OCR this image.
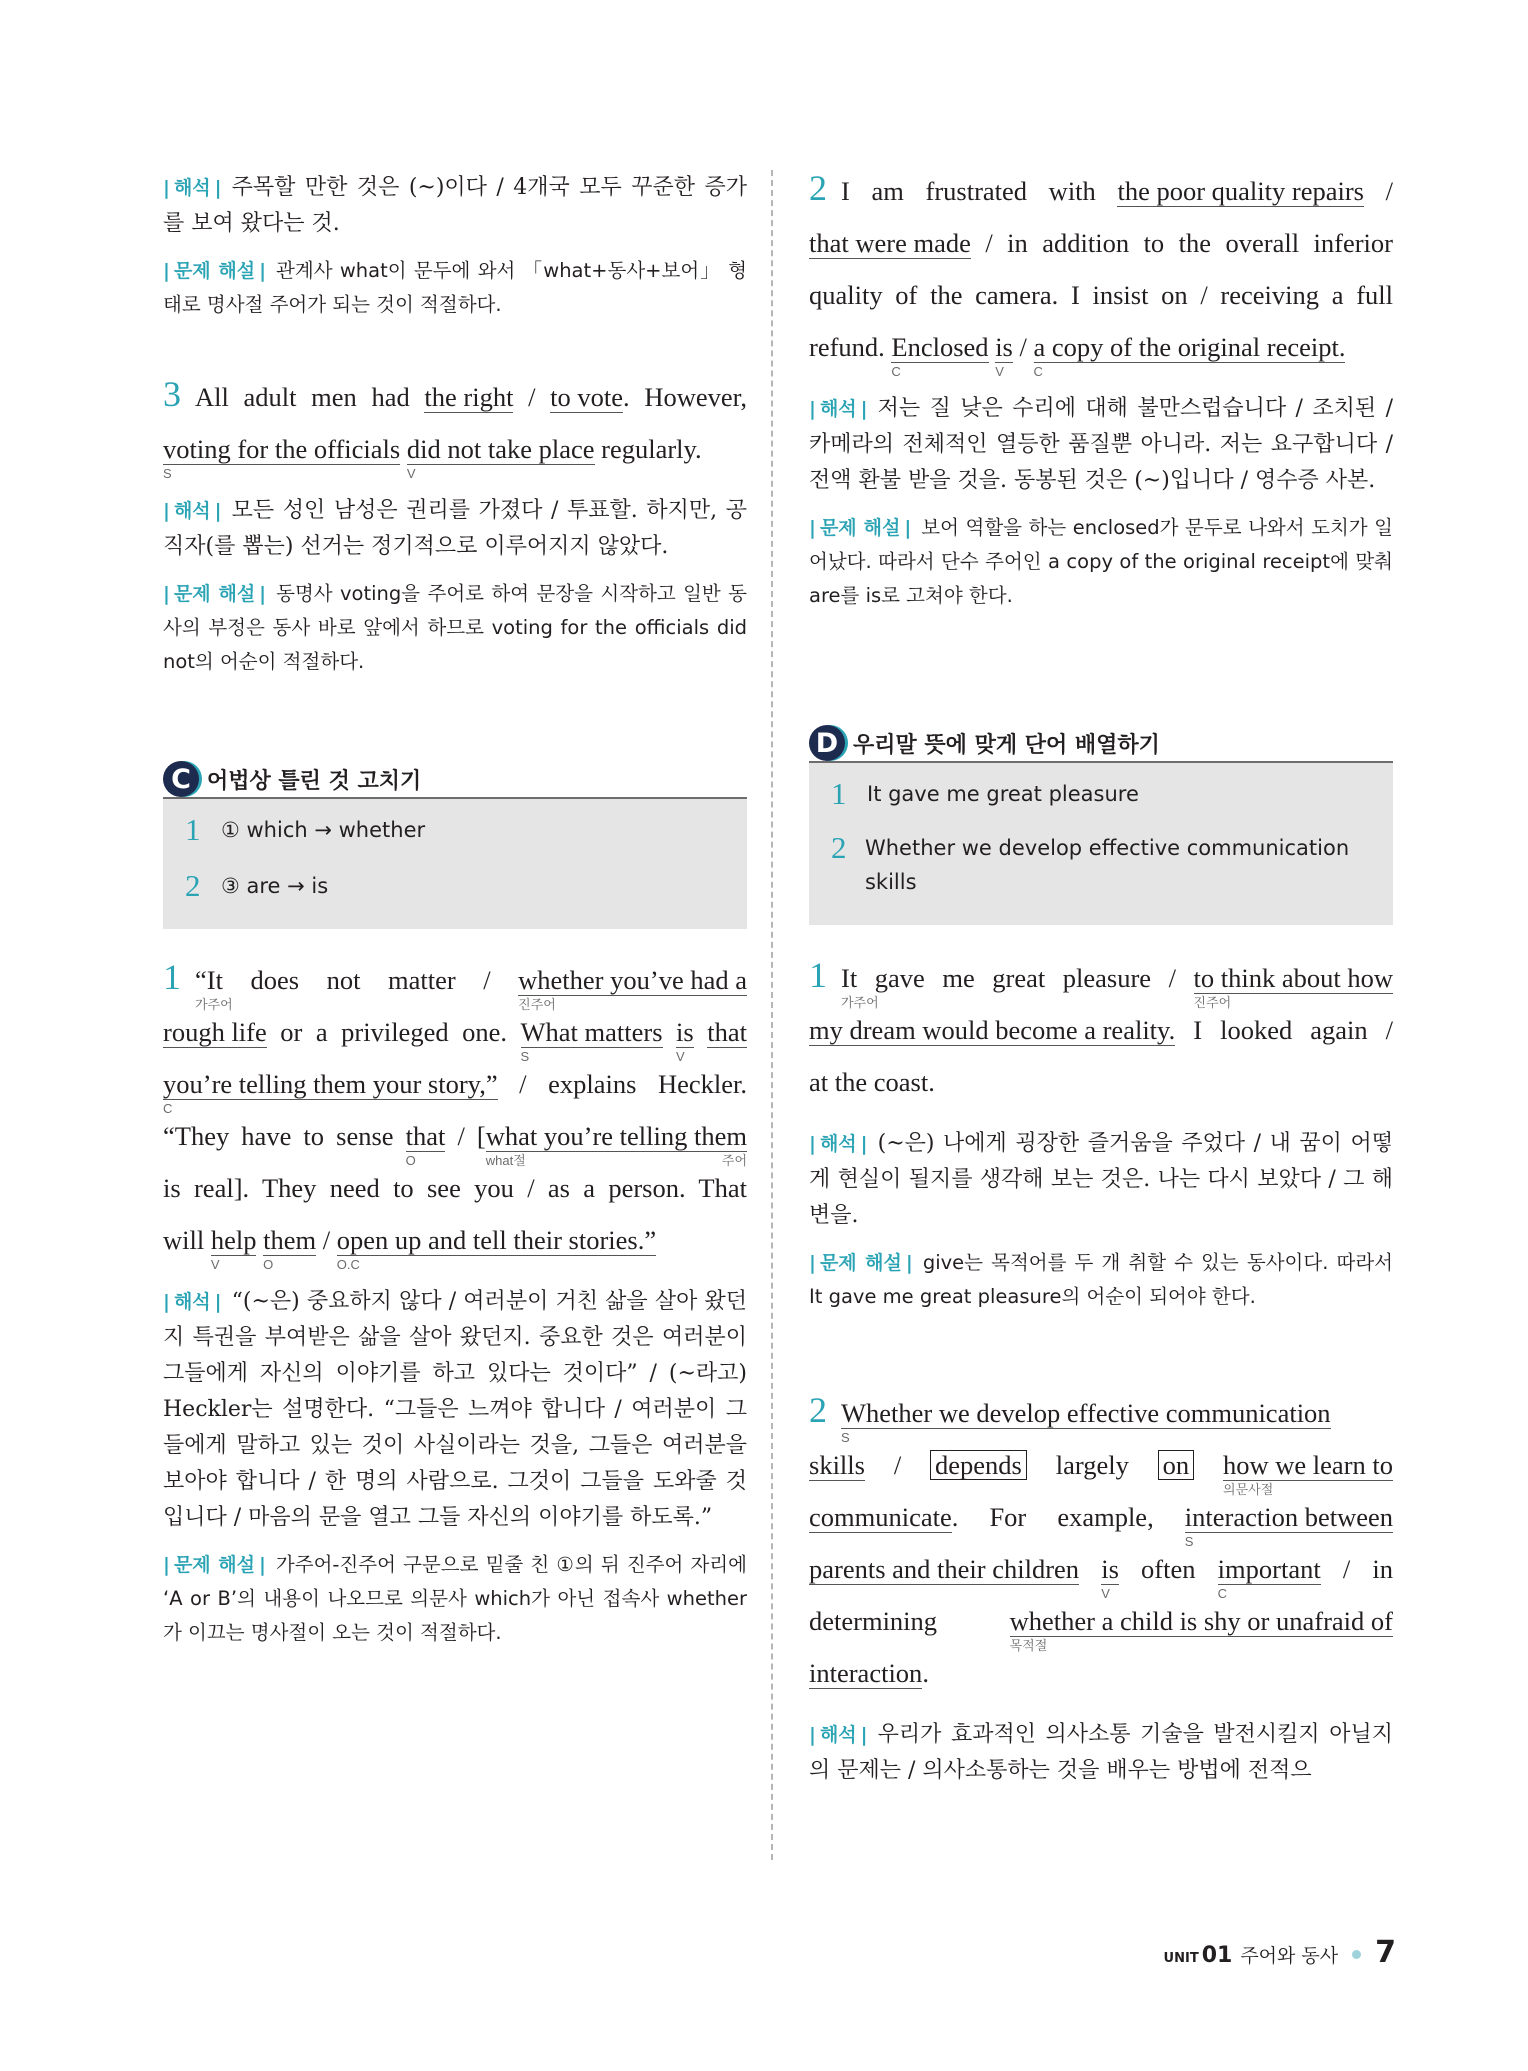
| 해석 | 주목할 만한 것은 (~)이다 / 4개국 모두 꾸준한 증가를 보여 왔다는 것.

| 문제 해설 | 관계사 what이 문두에 와서 「what+동사+보어」 형태로 명사절 주어가 되는 것이 적절하다.

3 All adult men had the right / to vote. However,
voting for the officials
S
did not take place
V
regularly.

| 해석 | 모든 성인 남성은 권리를 가졌다 / 투표할. 하지만, 공직자(를 뽑는) 선거는 정기적으로 이루어지지 않았다.

| 문제 해설 | 동명사 voting을 주어로 하여 문장을 시작하고 일반 동사의 부정은 동사 바로 앞에서 하므로 voting for the officials did not의 어순이 적절하다.

C 어법상 틀린 것 고치기
1 ① which → whether
2 ③ are → is
1 “It
가주어
does not matter / whether you’ve had a
진주어
rough life or a privileged one. What matters
S
is
V
that
you’re telling them your story,”
C
/ explains Heckler.
“They have to sense that
O
/ [what you’re telling them
what절 주어
is real]. They need to see you / as a person. That
will help
V
them
O
/ open up and tell their stories.”
O.C

| 해석 | “(~은) 중요하지 않다 / 여러분이 거친 삶을 살아 왔던지 특권을 부여받은 삶을 살아 왔던지. 중요한 것은 여러분이 그들에게 자신의 이야기를 하고 있다는 것이다” / (~라고) Heckler는 설명한다. “그들은 느껴야 합니다 / 여러분이 그들에게 말하고 있는 것이 사실이라는 것을, 그들은 여러분을 보아야 합니다 / 한 명의 사람으로. 그것이 그들을 도와줄 것입니다 / 마음의 문을 열고 그들 자신의 이야기를 하도록.”

| 문제 해설 | 가주어-진주어 구문으로 밑줄 친 ①의 뒤 진주어 자리에 ‘A or B’의 내용이 나오므로 의문사 which가 아닌 접속사 whether가 이끄는 명사절이 오는 것이 적절하다.

2 I am frustrated with the poor quality repairs /
that were made / in addition to the overall inferior
quality of the camera. I insist on / receiving a full
refund. Enclosed
C
is
V
/ a copy of the original receipt.
C

| 해석 | 저는 질 낮은 수리에 대해 불만스럽습니다 / 조치된 / 카메라의 전체적인 열등한 품질뿐 아니라. 저는 요구합니다 / 전액 환불 받을 것을. 동봉된 것은 (~)입니다 / 영수증 사본.

| 문제 해설 | 보어 역할을 하는 enclosed가 문두로 나와서 도치가 일어났다. 따라서 단수 주어인 a copy of the original receipt에 맞춰 are를 is로 고쳐야 한다.

D 우리말 뜻에 맞게 단어 배열하기
1 It gave me great pleasure
2 Whether we develop effective communication skills
1 It
가주어
gave me great pleasure / to think about how
진주어
my dream would become a reality. I looked again /
at the coast.

| 해석 | (~은) 나에게 굉장한 즐거움을 주었다 / 내 꿈이 어떻게 현실이 될지를 생각해 보는 것은. 나는 다시 보았다 / 그 해변을.

| 문제 해설 | give는 목적어를 두 개 취할 수 있는 동사이다. 따라서 It gave me great pleasure의 어순이 되어야 한다.

2 Whether we develop effective communication
S
skills / depends largely on how we learn to
의문사절
communicate. For example, interaction between
S
parents and their children is
V
often important
C
/ in
determining	whether a child is shy or unafraid of
목적절
interaction.

| 해석 | 우리가 효과적인 의사소통 기술을 발전시킬지 아닐지의 문제는 / 의사소통하는 것을 배우는 방법에 전적으

UNIT 01 주어와 동사 7
